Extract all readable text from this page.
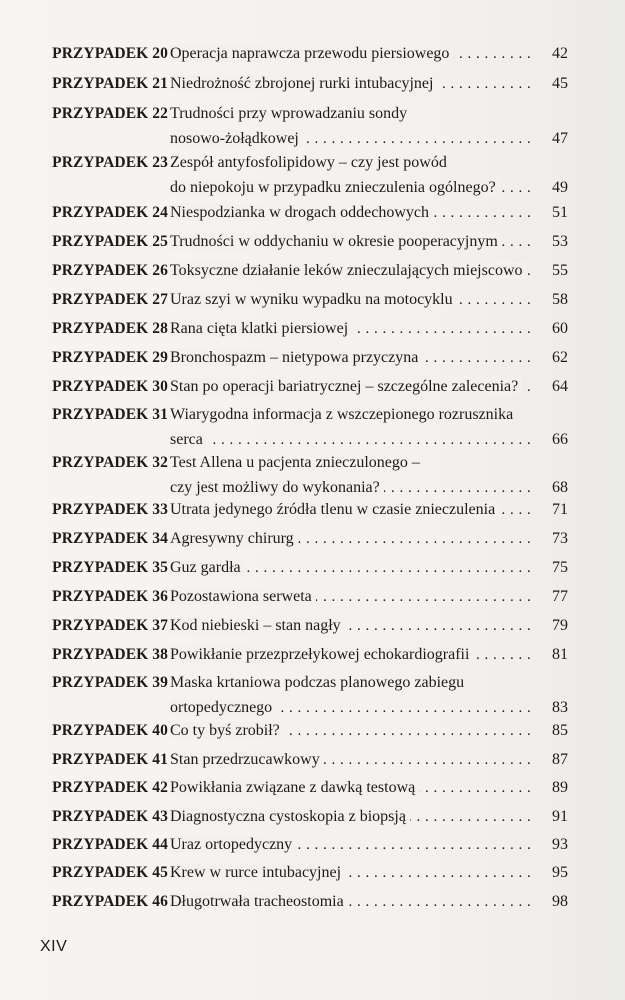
PRZYPADEK 20 Operacja naprawcza przewodu piersiowego . . .	42
PRZYPADEK 21 Niedrożność zbrojonej rurki intubacyjnej . . .	45
PRZYPADEK 22 Trudności przy wprowadzaniu sondy
nosowo-żołądkowej . . .	47
PRZYPADEK 23 Zespół antyfosfolipidowy – czy jest powód
do niepokoju w przypadku znieczulenia ogólnego? . . .	49
PRZYPADEK 24 Niespodzianka w drogach oddechowych . . .	51
PRZYPADEK 25 Trudności w oddychaniu w okresie pooperacyjnym . . .	53
PRZYPADEK 26 Toksyczne działanie leków znieczulających miejscowo . . .	55
PRZYPADEK 27 Uraz szyi w wyniku wypadku na motocyklu . . .	58
PRZYPADEK 28 Rana cięta klatki piersiowej . . .	60
PRZYPADEK 29 Bronchospazm – nietypowa przyczyna . . .	62
PRZYPADEK 30 Stan po operacji bariatrycznej – szczególne zalecenia? . . .	64
PRZYPADEK 31 Wiarygodna informacja z wszczepionego rozrusznika
serca . . .	66
PRZYPADEK 32 Test Allena u pacjenta znieczulonego –
czy jest możliwy do wykonania? . . .	68
PRZYPADEK 33 Utrata jedynego źródła tlenu w czasie znieczulenia . . .	71
PRZYPADEK 34 Agresywny chirurg . . .	73
PRZYPADEK 35 Guz gardła . . .	75
PRZYPADEK 36 Pozostawiona serweta . . .	77
PRZYPADEK 37 Kod niebieski – stan nagły . . .	79
PRZYPADEK 38 Powikłanie przezprzełykowej echokardiografii . . .	81
PRZYPADEK 39 Maska krtaniowa podczas planowego zabiegu
ortopedycznego . . .	83
PRZYPADEK 40 Co ty byś zrobił? . . .	85
PRZYPADEK 41 Stan przedrzucawkowy . . .	87
PRZYPADEK 42 Powikłania związane z dawką testową . . .	89
PRZYPADEK 43 Diagnostyczna cystoskopia z biopsją . . .	91
PRZYPADEK 44 Uraz ortopedyczny . . .	93
PRZYPADEK 45 Krew w rurce intubacyjnej . . .	95
PRZYPADEK 46 Długotrwała tracheostomia . . .	98
XIV
